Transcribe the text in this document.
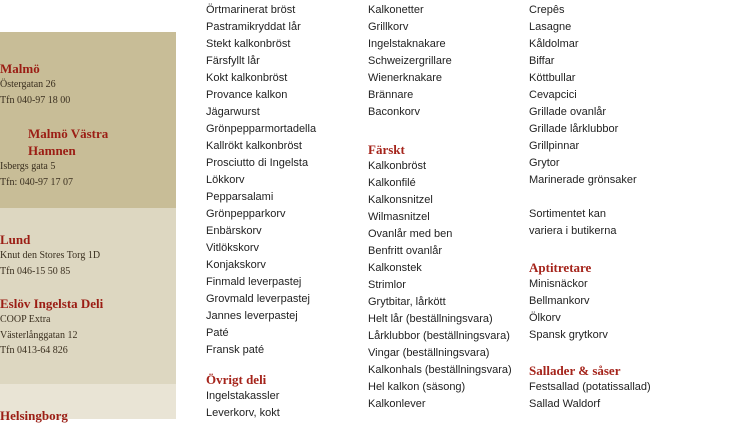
Malmö
Östergatan 26
Tfn 040-97 18 00
Malmö Västra Hamnen
Isbergs gata 5
Tfn: 040-97 17 07
Lund
Knut den Stores Torg 1D
Tfn 046-15 50 85
Eslöv Ingelsta Deli
COOP Extra
Västerlånggatan 12
Tfn 0413-64 826
Helsingborg
Örtmarinerat bröst
Pastramikryddat lår
Stekt kalkonbröst
Färsfyllt lår
Kokt kalkonbröst
Provance kalkon
Jägarwurst
Grönpepparmortadella
Kallrökt kalkonbröst
Prosciutto di Ingelsta
Lökkorv
Pepparsalami
Grönpepparkorv
Enbärskorv
Vitlökskorv
Konjakskorv
Finmald leverpastej
Grovmald leverpastej
Jannes leverpastej
Paté
Fransk paté
Övrigt deli
Ingelstakassler
Leverkorv, kokt
Kalkonetter
Grillkorv
Ingelstaknakare
Schweizergrillare
Wienerknakare
Brännare
Baconkorv
Färskt
Kalkonbröst
Kalkonfilé
Kalkonsnitzel
Wilmasnitzel
Ovanlår med ben
Benfritt ovanlår
Kalkonstek
Strimlor
Grytbitar, lårkött
Helt lår (beställningsvara)
Lårklubbor (beställningsvara)
Vingar (beställningsvara)
Kalkonhals (beställningsvara)
Hel kalkon (säsong)
Kalkonlever
Crepês
Lasagne
Kåldolmar
Biffar
Köttbullar
Cevapcici
Grillade ovanlår
Grillade lårklubbor
Grillpinnar
Grytor
Marinerade grönsaker
Sortimentet kan
variera i butikerna
Aptitretare
Minisnäckor
Bellmankorv
Ölkorv
Spansk grytkorv
Sallader & såser
Festsallad (potatissallad)
Sallad Waldorf
